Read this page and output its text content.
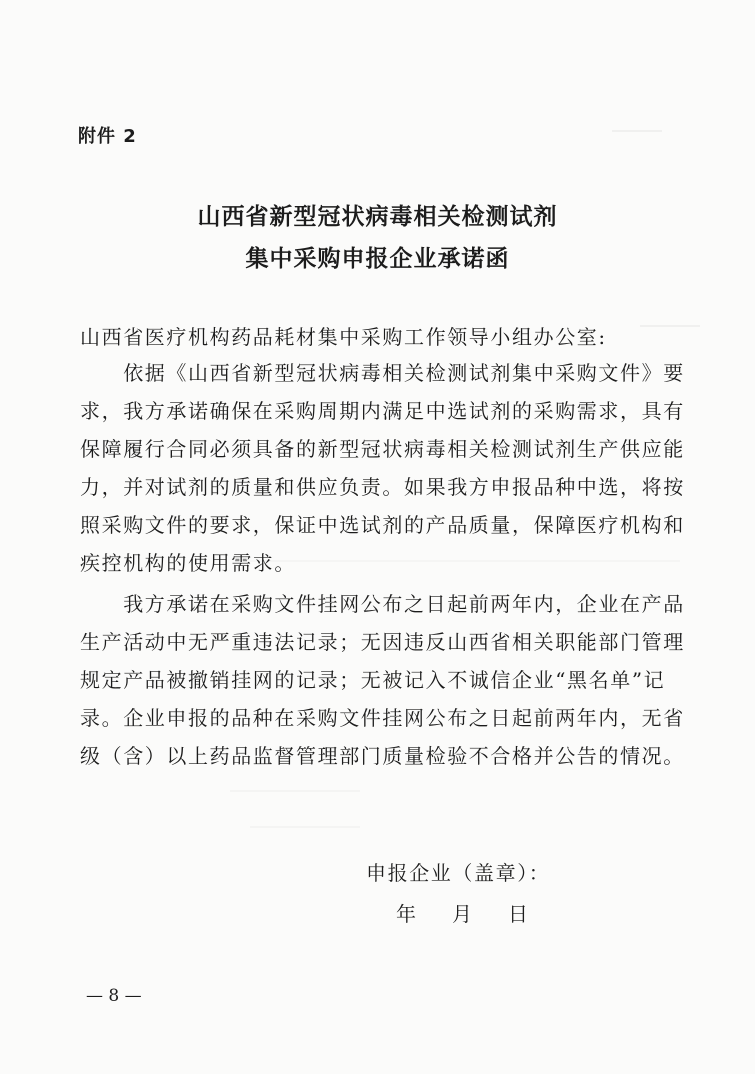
附件 2
山西省新型冠状病毒相关检测试剂
集中采购申报企业承诺函
山西省医疗机构药品耗材集中采购工作领导小组办公室:
　　依据《山西省新型冠状病毒相关检测试剂集中采购文件》要
求，我方承诺确保在采购周期内满足中选试剂的采购需求，具有
保障履行合同必须具备的新型冠状病毒相关检测试剂生产供应能
力，并对试剂的质量和供应负责。如果我方申报品种中选，将按
照采购文件的要求，保证中选试剂的产品质量，保障医疗机构和
疾控机构的使用需求。
　　我方承诺在采购文件挂网公布之日起前两年内，企业在产品
生产活动中无严重违法记录；无因违反山西省相关职能部门管理
规定产品被撤销挂网的记录；无被记入不诚信企业“黑名单”记
录。企业申报的品种在采购文件挂网公布之日起前两年内，无省
级（含）以上药品监督管理部门质量检验不合格并公告的情况。
申报企业（盖章）：
年 月 日
— 8 —
